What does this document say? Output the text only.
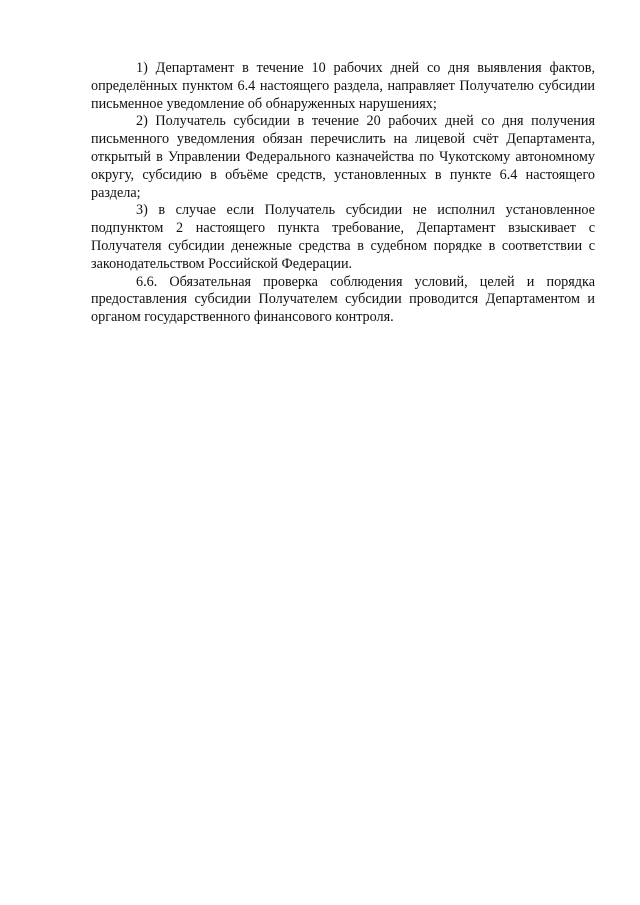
1) Департамент в течение 10 рабочих дней со дня выявления фактов, определённых пунктом 6.4 настоящего раздела, направляет Получателю субсидии письменное уведомление об обнаруженных нарушениях;

2) Получатель субсидии в течение 20 рабочих дней со дня получения письменного уведомления обязан перечислить на лицевой счёт Департамента, открытый в Управлении Федерального казначейства по Чукотскому автономному округу, субсидию в объёме средств, установленных в пункте 6.4 настоящего раздела;

3) в случае если Получатель субсидии не исполнил установленное подпунктом 2 настоящего пункта требование, Департамент взыскивает с Получателя субсидии денежные средства в судебном порядке в соответствии с законодательством Российской Федерации.

6.6. Обязательная проверка соблюдения условий, целей и порядка предоставления субсидии Получателем субсидии проводится Департаментом и органом государственного финансового контроля.
